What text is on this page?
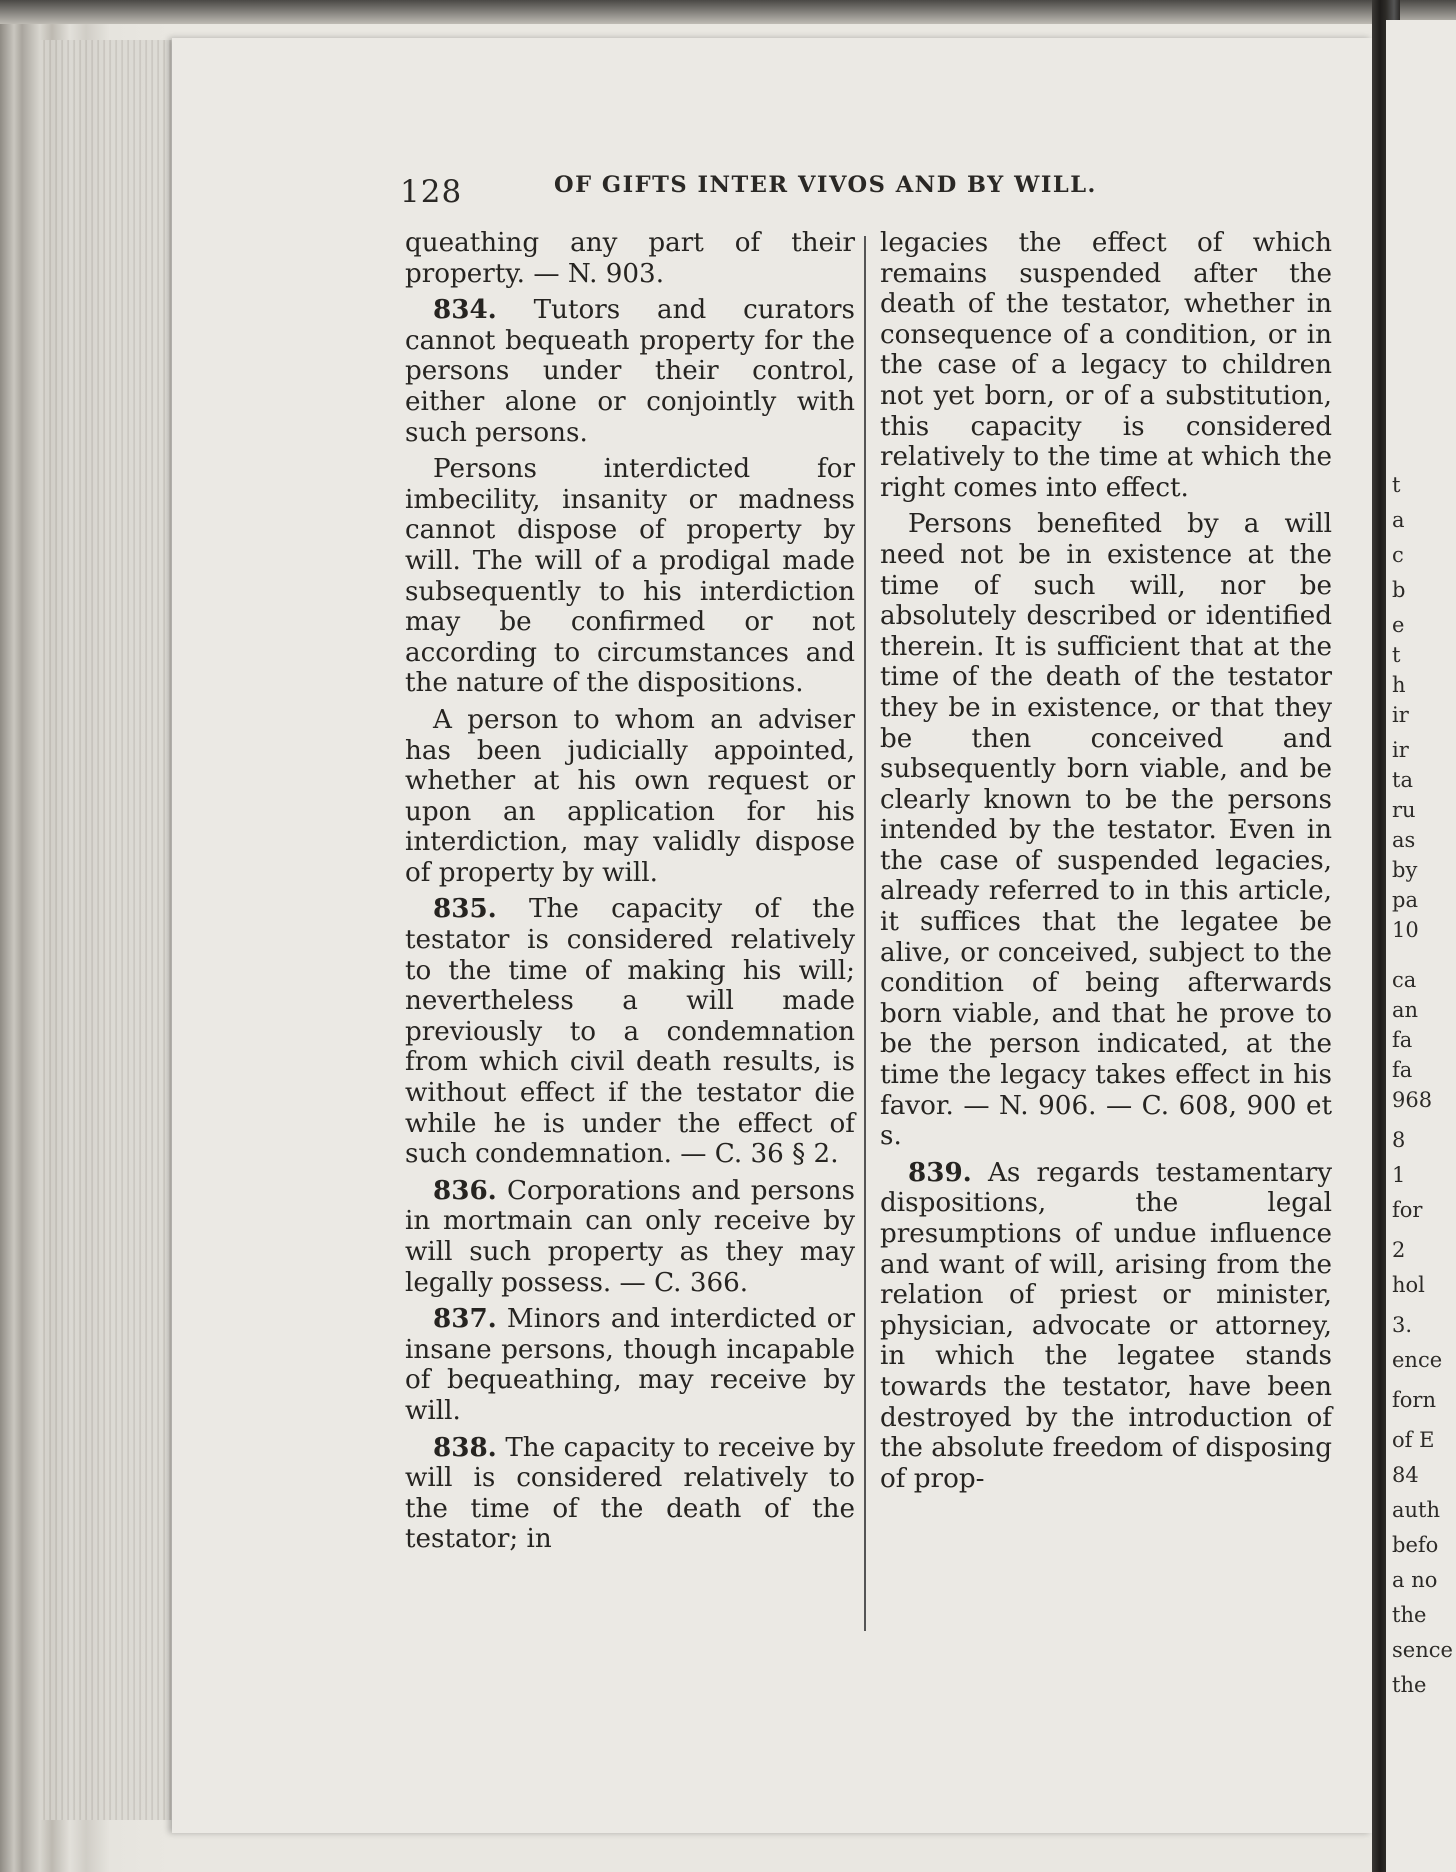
t
a
c
b
e
t
h
ir
ir
ta
ru
as
by
pa
10
ca
an
fa
fa
968
8
1
for
2
hol
3.
ence
forn
of E
84
auth
befo
a no
the
sence
the
128	OF GIFTS INTER VIVOS AND BY WILL.

queathing any part of their property. — N. 903.

834. Tutors and curators cannot bequeath property for the persons under their control, either alone or conjointly with such persons.

Persons interdicted for imbecility, insanity or madness cannot dispose of property by will. The will of a prodigal made subsequently to his interdiction may be confirmed or not according to circumstances and the nature of the dispositions.

A person to whom an adviser has been judicially appointed, whether at his own request or upon an application for his interdiction, may validly dispose of property by will.

835. The capacity of the testator is considered relatively to the time of making his will; nevertheless a will made previously to a condemnation from which civil death results, is without effect if the testator die while he is under the effect of such condemnation. — C. 36 § 2.

836. Corporations and persons in mortmain can only receive by will such property as they may legally possess. — C. 366.

837. Minors and interdicted or insane persons, though incapable of bequeathing, may receive by will.

838. The capacity to receive by will is considered relatively to the time of the death of the testator; in

legacies the effect of which remains suspended after the death of the testator, whether in consequence of a condition, or in the case of a legacy to children not yet born, or of a substitution, this capacity is considered relatively to the time at which the right comes into effect.

Persons benefited by a will need not be in existence at the time of such will, nor be absolutely described or identified therein. It is sufficient that at the time of the death of the testator they be in existence, or that they be then conceived and subsequently born viable, and be clearly known to be the persons intended by the testator. Even in the case of suspended legacies, already referred to in this article, it suffices that the legatee be alive, or conceived, subject to the condition of being afterwards born viable, and that he prove to be the person indicated, at the time the legacy takes effect in his favor. — N. 906. — C. 608, 900 et s.

839. As regards testamentary dispositions, the legal presumptions of undue influence and want of will, arising from the relation of priest or minister, physician, advocate or attorney, in which the legatee stands towards the testator, have been destroyed by the introduction of the absolute freedom of disposing of prop-
